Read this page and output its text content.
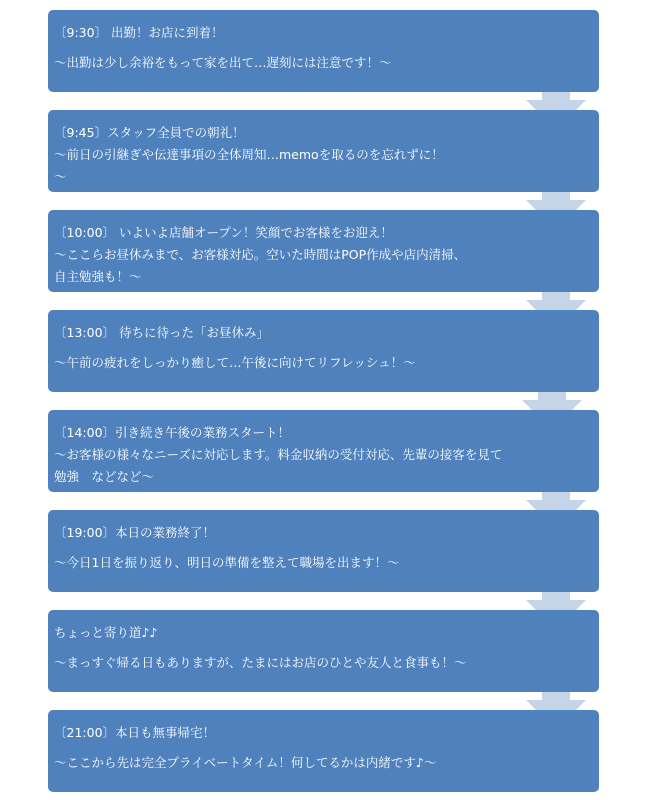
〔9:30〕 出勤！お店に到着！
～出勤は少し余裕をもって家を出て…遅刻には注意です！～
〔9:45〕スタッフ全員での朝礼！
～前日の引継ぎや伝達事項の全体周知…memoを取るのを忘れずに！
～
〔10:00〕 いよいよ店舗オープン！笑顔でお客様をお迎え！
～ここらお昼休みまで、お客様対応。空いた時間はPOP作成や店内清掃、
自主勉強も！～
〔13:00〕 待ちに待った「お昼休み」
～午前の疲れをしっかり癒して…午後に向けてリフレッシュ！～
〔14:00〕引き続き午後の業務スタート！
～お客様の様々なニーズに対応します。料金収納の受付対応、先輩の接客を見て
勉強　などなど～
〔19:00〕本日の業務終了！
～今日1日を振り返り、明日の準備を整えて職場を出ます！～
ちょっと寄り道♪♪
～まっすぐ帰る日もありますが、たまにはお店のひとや友人と食事も！～
〔21:00〕本日も無事帰宅！
～ここから先は完全プライベートタイム！何してるかは内緒です♪～
